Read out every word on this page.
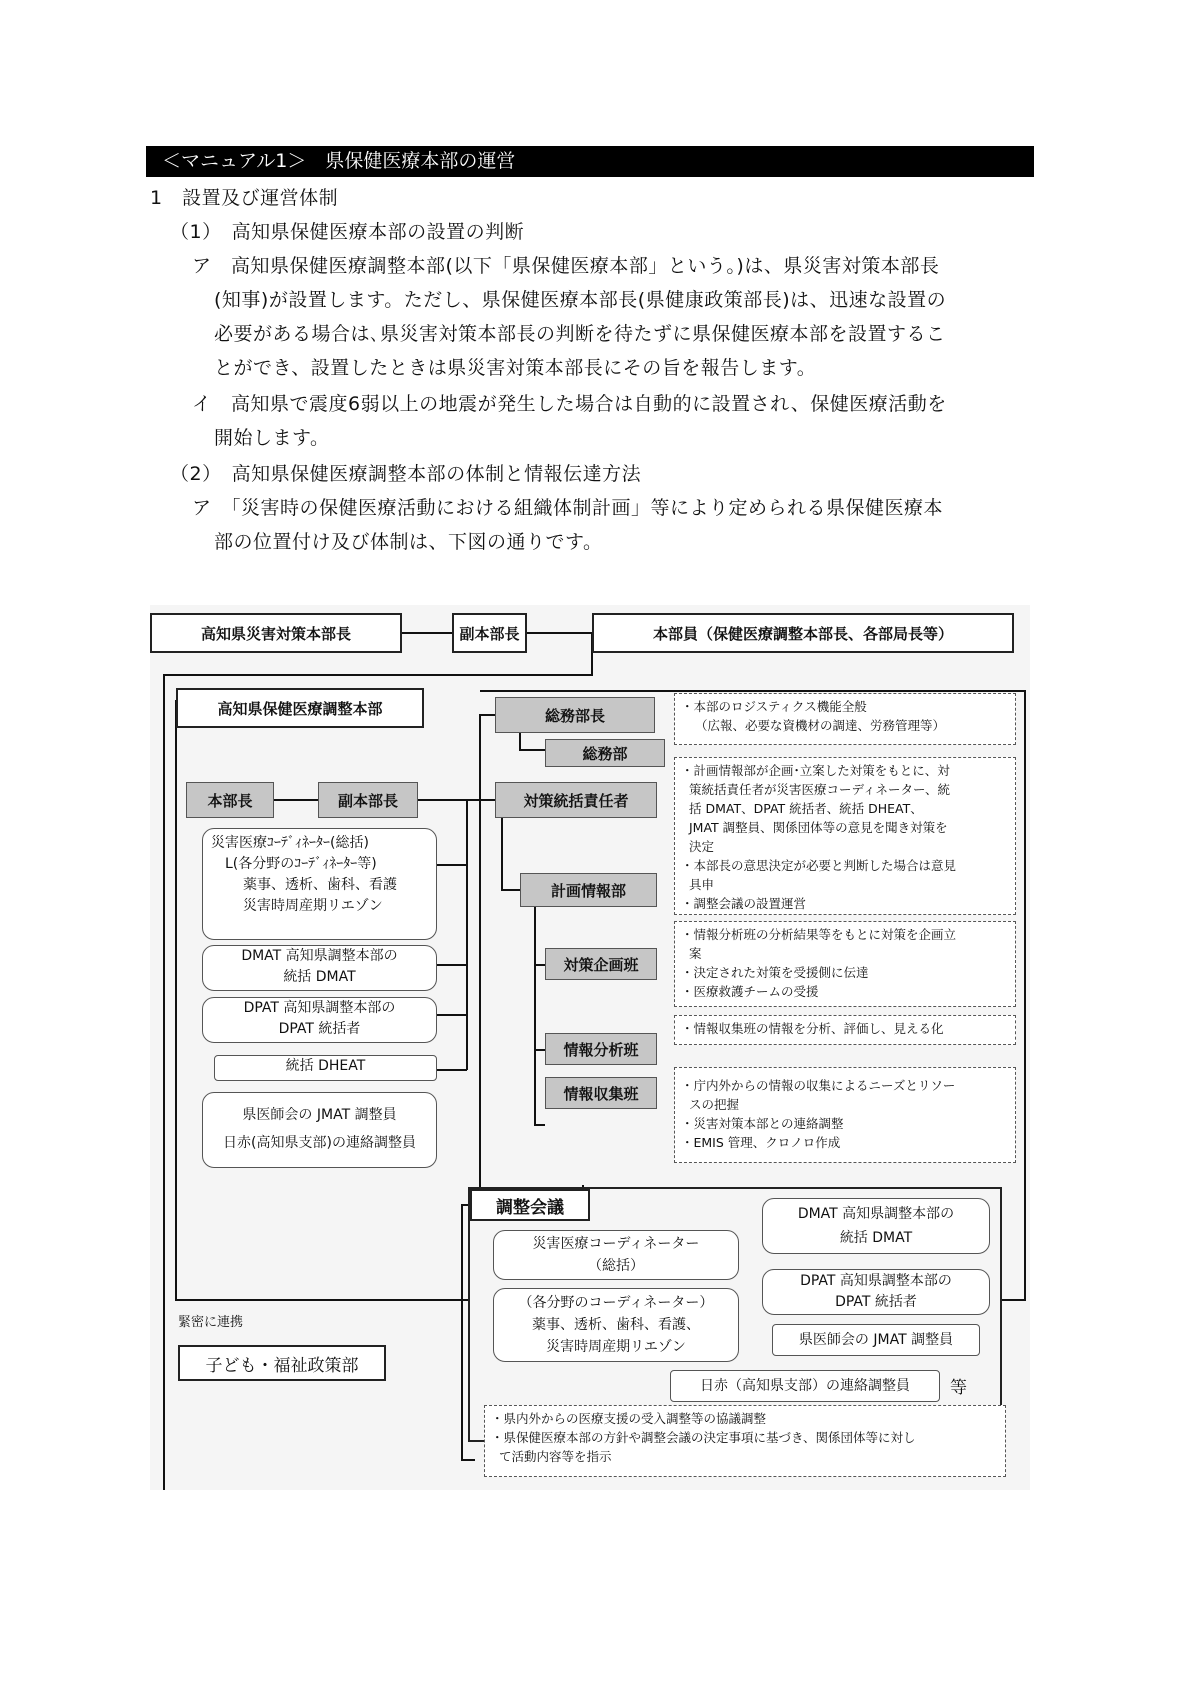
＜マニュアル1＞　県保健医療本部の運営
1　設置及び運営体制
（1）　高知県保健医療本部の設置の判断
ア　高知県保健医療調整本部(以下「県保健医療本部」という。)は、県災害対策本部長
(知事)が設置します。ただし、県保健医療本部長(県健康政策部長)は、迅速な設置の
必要がある場合は､県災害対策本部長の判断を待たずに県保健医療本部を設置するこ
とができ、設置したときは県災害対策本部長にその旨を報告します。
イ　高知県で震度6弱以上の地震が発生した場合は自動的に設置され、保健医療活動を
開始します。
（2）　高知県保健医療調整本部の体制と情報伝達方法
ア　「災害時の保健医療活動における組織体制計画」等により定められる県保健医療本
部の位置付け及び体制は、下図の通りです。
高知県災害対策本部長	副本部長	本部員（保健医療調整本部長、各部局長等）
高知県保健医療調整本部
本部長	副本部長
災害医療ｺｰﾃﾞｨﾈｰﾀｰ(総括)
L(各分野のｺｰﾃﾞｨﾈｰﾀｰ等)
薬事、透析、歯科、看護
災害時周産期リエゾン
DMAT 高知県調整本部の
統括 DMAT
DPAT 高知県調整本部の
DPAT 統括者
統括 DHEAT
県医師会の JMAT 調整員
日赤(高知県支部)の連絡調整員
総務部長
総務部
対策統括責任者
計画情報部
対策企画班
情報分析班
情報収集班
・本部のロジスティクス機能全般
（広報、必要な資機材の調達、労務管理等）
・計画情報部が企画･立案した対策をもとに、対
策統括責任者が災害医療コーディネーター、統
括 DMAT、DPAT 統括者、統括 DHEAT、
JMAT 調整員、関係団体等の意見を聞き対策を
決定
・本部長の意思決定が必要と判断した場合は意見
具申
・調整会議の設置運営
・情報分析班の分析結果等をもとに対策を企画立
案
・決定された対策を受援側に伝達
・医療救護チームの受援
・情報収集班の情報を分析、評価し、見える化
・庁内外からの情報の収集によるニーズとリソー
スの把握
・災害対策本部との連絡調整
・EMIS 管理、クロノロ作成
調整会議
災害医療コーディネーター
（総括）
（各分野のコーディネーター）
薬事、透析、歯科、看護、
災害時周産期リエゾン
DMAT 高知県調整本部の
統括 DMAT
DPAT 高知県調整本部の
DPAT 統括者
県医師会の JMAT 調整員
日赤（高知県支部）の連絡調整員	等
・県内外からの医療支援の受入調整等の協議調整
・県保健医療本部の方針や調整会議の決定事項に基づき、関係団体等に対し
て活動内容等を指示
緊密に連携
子ども・福祉政策部
